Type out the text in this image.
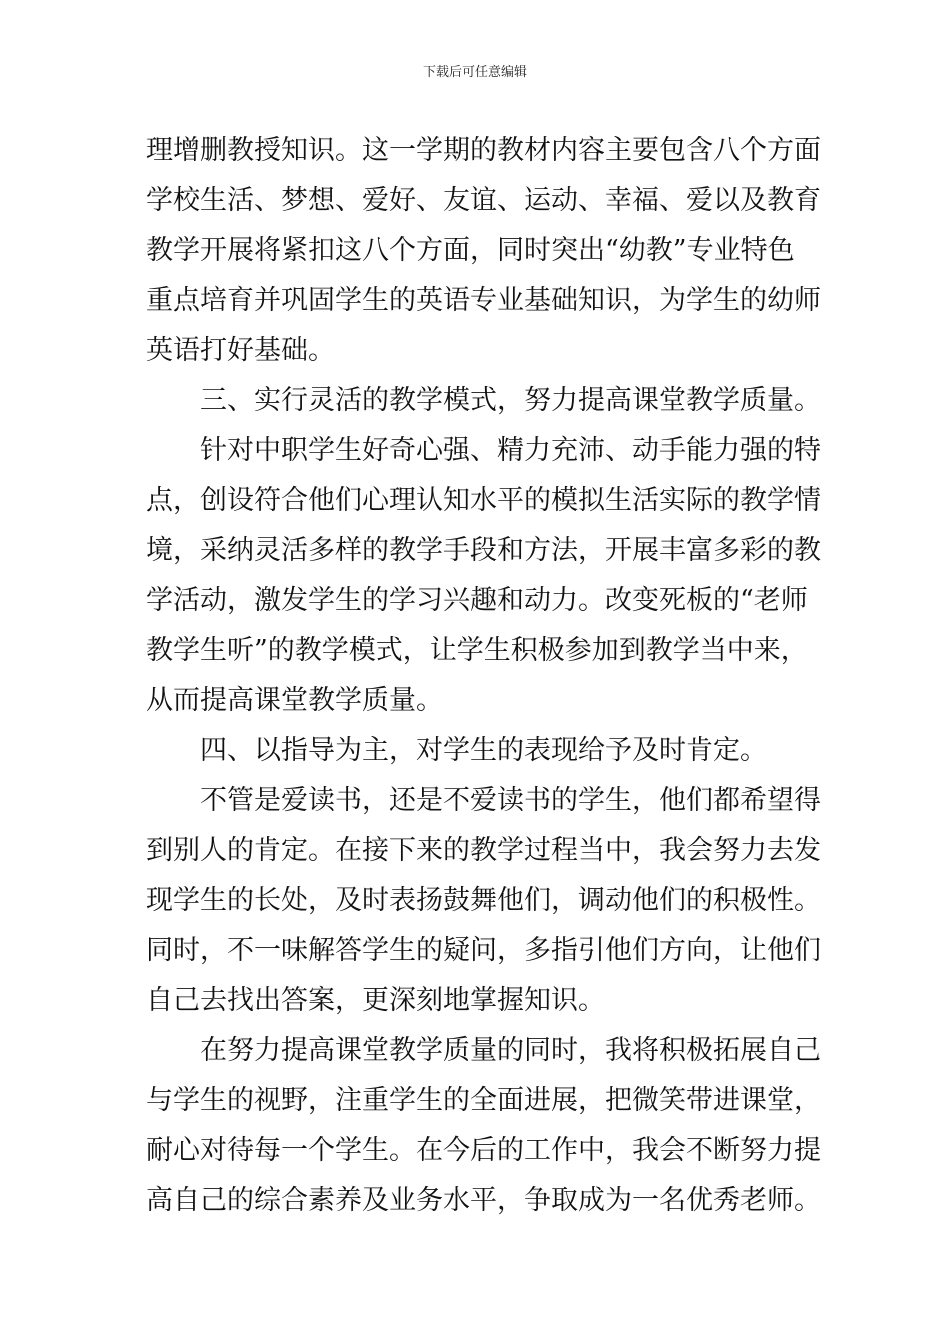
下载后可任意编辑
理增删教授知识。这一学期的教材内容主要包含八个方面
学校生活、梦想、爱好、友谊、运动、幸福、爱以及教育
教学开展将紧扣这八个方面，同时突出“幼教”专业特色
重点培育并巩固学生的英语专业基础知识，为学生的幼师
英语打好基础。
三、实行灵活的教学模式，努力提高课堂教学质量。
针对中职学生好奇心强、精力充沛、动手能力强的特
点，创设符合他们心理认知水平的模拟生活实际的教学情
境，采纳灵活多样的教学手段和方法，开展丰富多彩的教
学活动，激发学生的学习兴趣和动力。改变死板的“老师
教学生听”的教学模式，让学生积极参加到教学当中来，
从而提高课堂教学质量。
四、以指导为主，对学生的表现给予及时肯定。
不管是爱读书，还是不爱读书的学生，他们都希望得
到别人的肯定。在接下来的教学过程当中，我会努力去发
现学生的长处，及时表扬鼓舞他们，调动他们的积极性。
同时，不一味解答学生的疑问，多指引他们方向，让他们
自己去找出答案，更深刻地掌握知识。
在努力提高课堂教学质量的同时，我将积极拓展自己
与学生的视野，注重学生的全面进展，把微笑带进课堂，
耐心对待每一个学生。在今后的工作中，我会不断努力提
高自己的综合素养及业务水平，争取成为一名优秀老师。
